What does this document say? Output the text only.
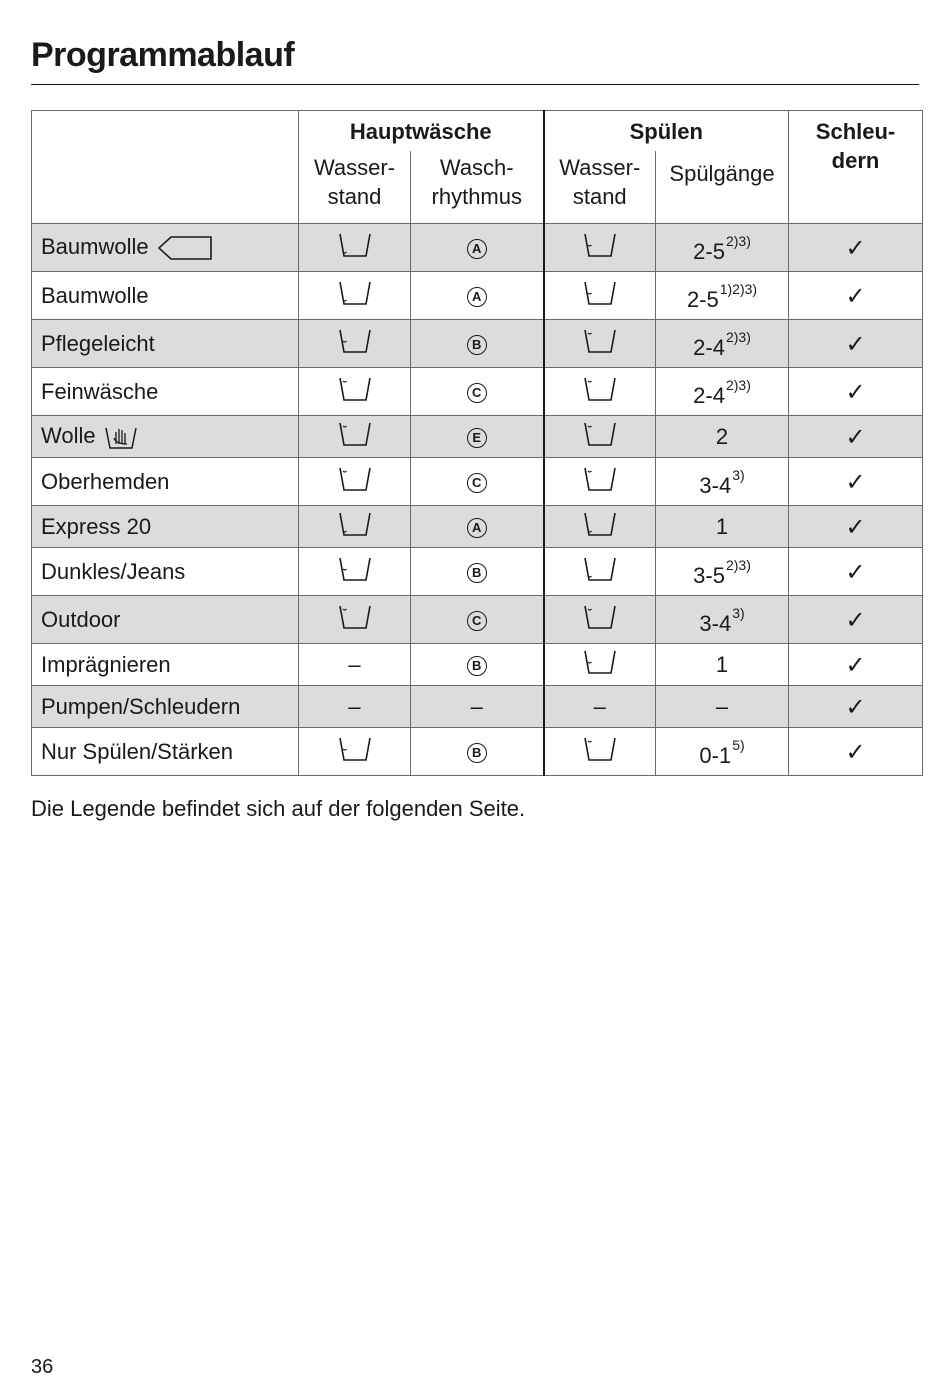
Programmablauf
	Hauptwäsche		Spülen		Schleu-
dern

	Wasser-
stand	Wasch-
rhythmus	Wasser-
stand	Spülgänge	

Baumwolle		A		$2-5^{2)3)}$	✓
Baumwolle		A		$2-5^{1)2)3)}$	✓
Pflegeleicht		B		$2-4^{2)3)}$	✓
Feinwäsche		C		$2-4^{2)3)}$	✓
Wolle		E		2	✓
Oberhemden		C		3-4$^{3)}$	✓
Express 20		A		1	✓
Dunkles/Jeans		B		$3-5^{2)3)}$	✓
Outdoor		C		3-4$^{3)}$	✓
Imprägnieren	–	B		1	✓
Pumpen/Schleudern	–	–	–	–	✓
Nur Spülen/Stärken		B		0-1$^{5)}$	✓
Die Legende befindet sich auf der folgenden Seite.
36
